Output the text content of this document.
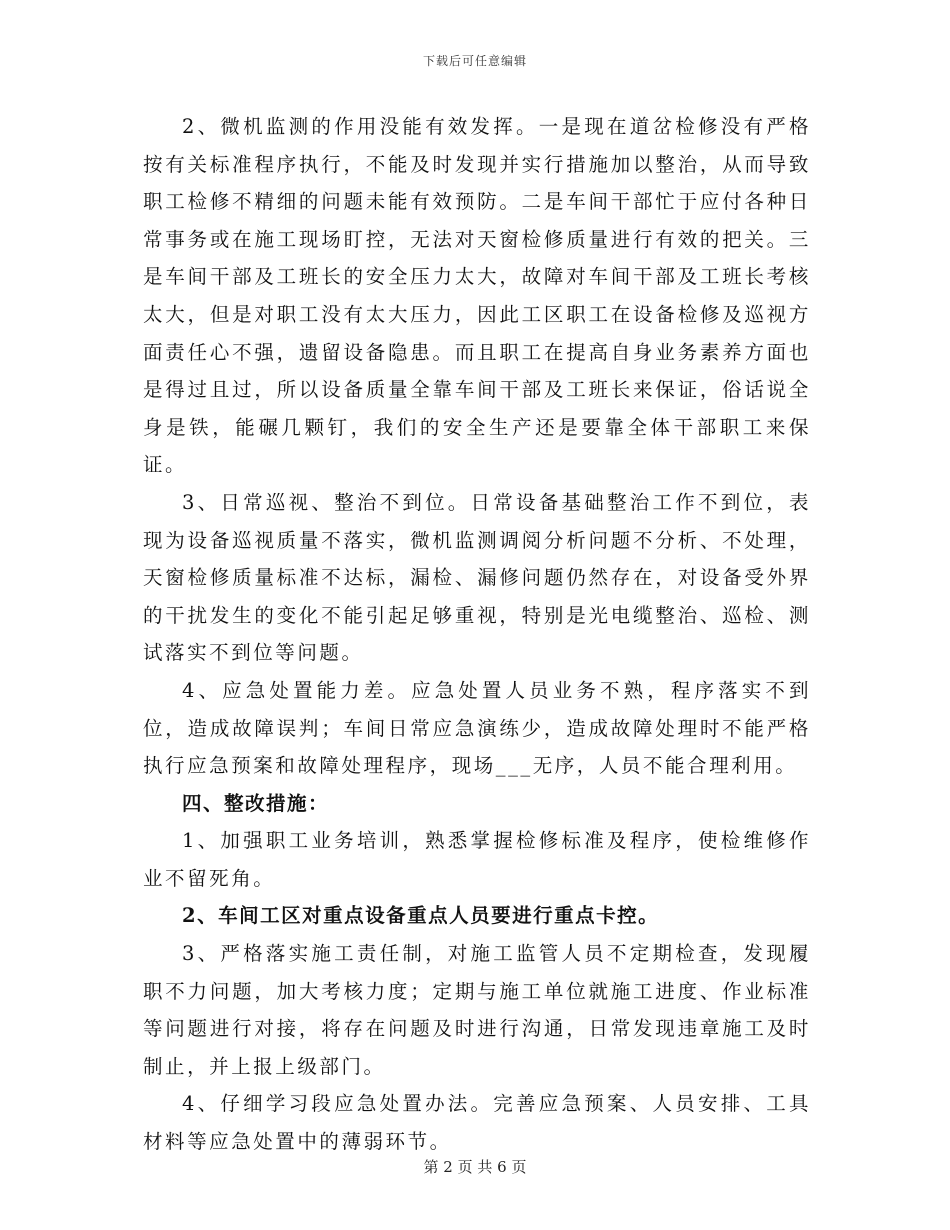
下载后可任意编辑

2、微机监测的作用没能有效发挥。一是现在道岔检修没有严格按有关标准程序执行，不能及时发现并实行措施加以整治，从而导致职工检修不精细的问题未能有效预防。二是车间干部忙于应付各种日常事务或在施工现场盯控，无法对天窗检修质量进行有效的把关。三是车间干部及工班长的安全压力太大，故障对车间干部及工班长考核太大，但是对职工没有太大压力，因此工区职工在设备检修及巡视方面责任心不强，遗留设备隐患。而且职工在提高自身业务素养方面也是得过且过，所以设备质量全靠车间干部及工班长来保证，俗话说全身是铁，能碾几颗钉，我们的安全生产还是要靠全体干部职工来保证。

3、日常巡视、整治不到位。日常设备基础整治工作不到位，表现为设备巡视质量不落实，微机监测调阅分析问题不分析、不处理，天窗检修质量标准不达标，漏检、漏修问题仍然存在，对设备受外界的干扰发生的变化不能引起足够重视，特别是光电缆整治、巡检、测试落实不到位等问题。

4、应急处置能力差。应急处置人员业务不熟，程序落实不到位，造成故障误判；车间日常应急演练少，造成故障处理时不能严格执行应急预案和故障处理程序，现场___无序，人员不能合理利用。

四、整改措施：

1、加强职工业务培训，熟悉掌握检修标准及程序，使检维修作业不留死角。

2、车间工区对重点设备重点人员要进行重点卡控。

3、严格落实施工责任制，对施工监管人员不定期检查，发现履职不力问题，加大考核力度；定期与施工单位就施工进度、作业标准等问题进行对接，将存在问题及时进行沟通，日常发现违章施工及时制止，并上报上级部门。

4、仔细学习段应急处置办法。完善应急预案、人员安排、工具材料等应急处置中的薄弱环节。

第 2 页 共 6 页
